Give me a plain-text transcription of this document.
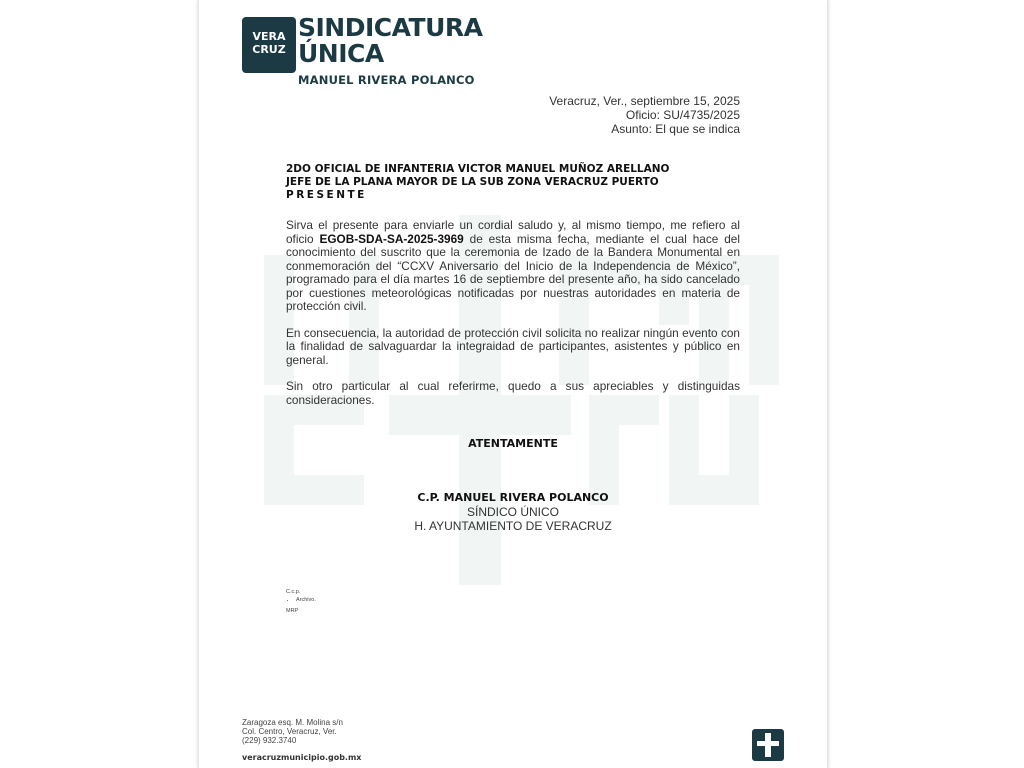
VERA
CRUZ
SINDICATURA
ÚNICA
MANUEL RIVERA POLANCO
Veracruz, Ver., septiembre 15, 2025
Oficio: SU/4735/2025
Asunto: El que se indica
2DO OFICIAL DE INFANTERIA VICTOR MANUEL MUÑOZ ARELLANO
JEFE DE LA PLANA MAYOR DE LA SUB ZONA VERACRUZ PUERTO
PRESENTE

Sirva el presente para enviarle un cordial saludo y, al mismo tiempo, me refiero al oficio EGOB-SDA-SA-2025-3969 de esta misma fecha, mediante el cual hace del conocimiento del suscrito que la ceremonia de Izado de la Bandera Monumental en conmemoración del “CCXV Aniversario del Inicio de la Independencia de México”, programado para el día martes 16 de septiembre del presente año, ha sido cancelado por cuestiones meteorológicas notificadas por nuestras autoridades en materia de protección civil.

En consecuencia, la autoridad de protección civil solicita no realizar ningún evento con la finalidad de salvaguardar la integraidad de participantes, asistentes y público en general.

Sin otro particular al cual referirme, quedo a sus apreciables y distinguidas consideraciones.

ATENTAMENTE
C.P. MANUEL RIVERA POLANCO
SÍNDICO ÚNICO
H. AYUNTAMIENTO DE VERACRUZ
C.c.p.
• Archivo.
MRP
Zaragoza esq. M. Molina s/n
Col. Centro, Veracruz, Ver.
(229) 932.3740
veracruzmunicipio.gob.mx
